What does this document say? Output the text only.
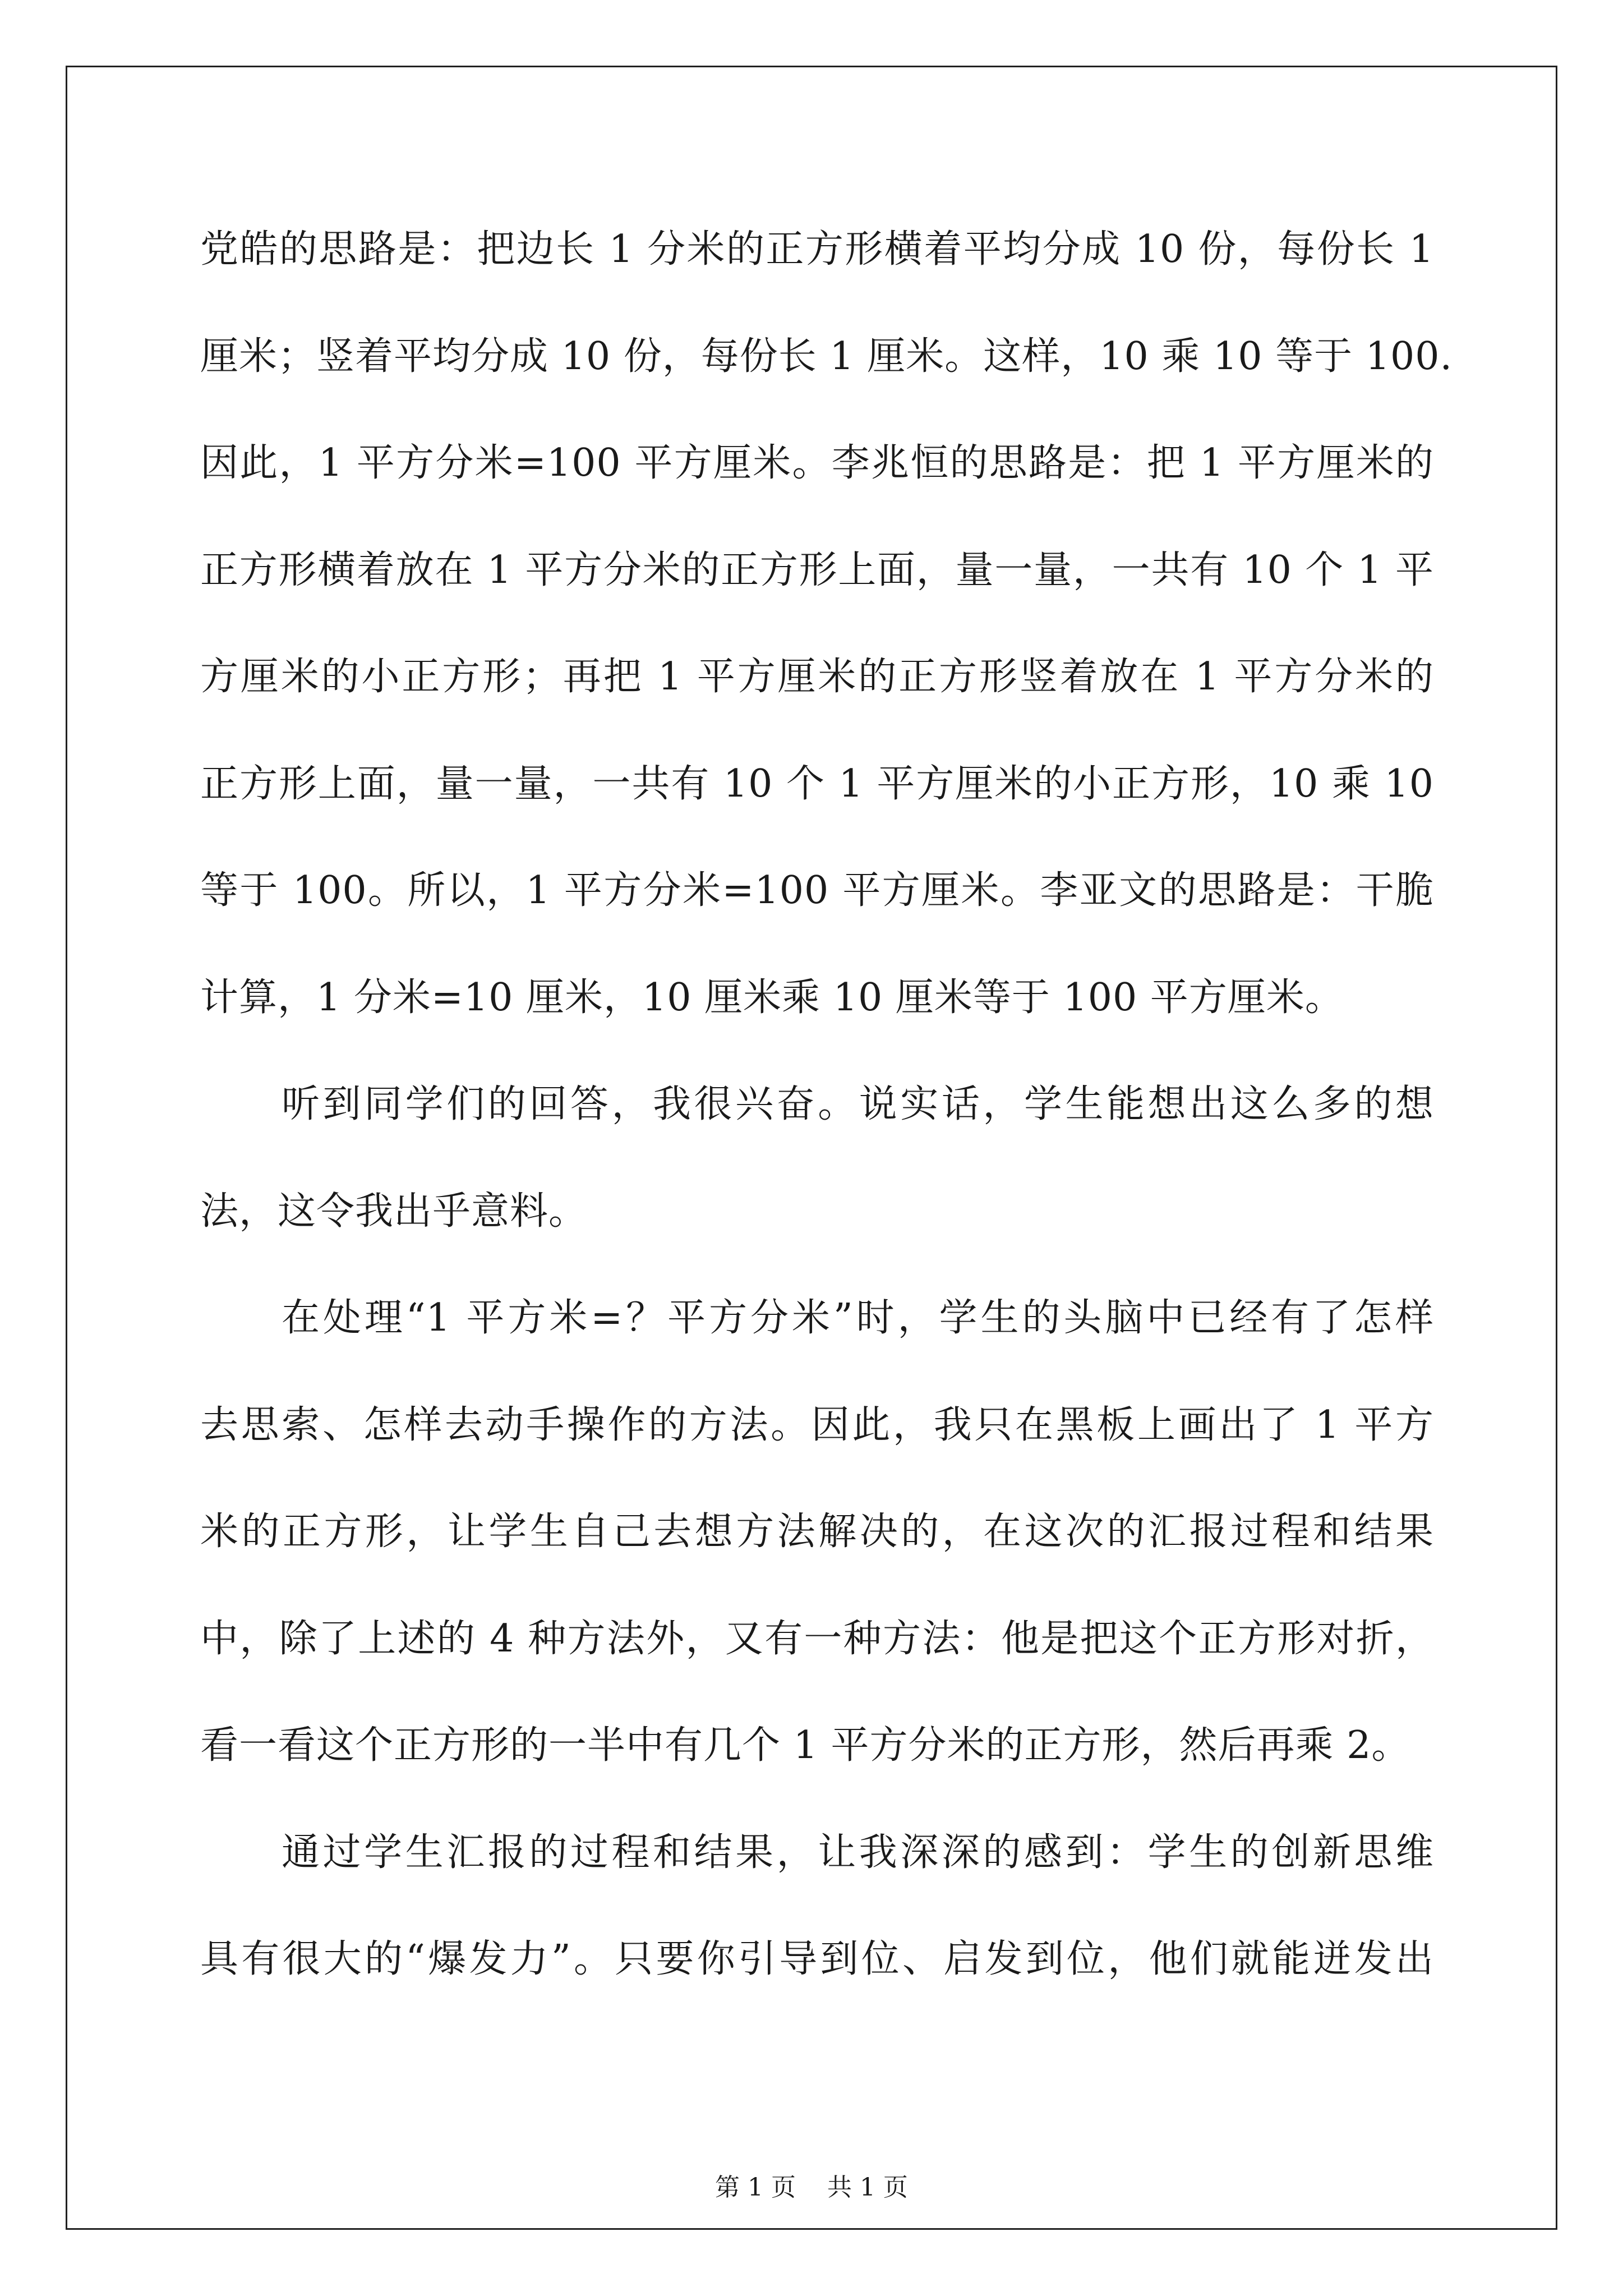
党皓的思路是：把边长 1 分米的正方形横着平均分成 10 份，每份长 1
厘米；竖着平均分成 10 份，每份长 1 厘米。这样，10 乘 10 等于 100.
因此，1 平方分米=100 平方厘米。李兆恒的思路是：把 1 平方厘米的
正方形横着放在 1 平方分米的正方形上面，量一量，一共有 10 个 1 平
方厘米的小正方形；再把 1 平方厘米的正方形竖着放在 1 平方分米的
正方形上面，量一量，一共有 10 个 1 平方厘米的小正方形，10 乘 10
等于 100。所以，1 平方分米=100 平方厘米。李亚文的思路是：干脆
计算，1 分米=10 厘米，10 厘米乘 10 厘米等于 100 平方厘米。
听到同学们的回答，我很兴奋。说实话，学生能想出这么多的想
法，这令我出乎意料。
在处理“1 平方米=？平方分米”时，学生的头脑中已经有了怎样
去思索、怎样去动手操作的方法。因此，我只在黑板上画出了 1 平方
米的正方形，让学生自己去想方法解决的，在这次的汇报过程和结果
中，除了上述的 4 种方法外，又有一种方法：他是把这个正方形对折，
看一看这个正方形的一半中有几个 1 平方分米的正方形，然后再乘 2。
通过学生汇报的过程和结果，让我深深的感到：学生的创新思维
具有很大的“爆发力”。只要你引导到位、启发到位，他们就能迸发出
第 1 页    共 1 页
